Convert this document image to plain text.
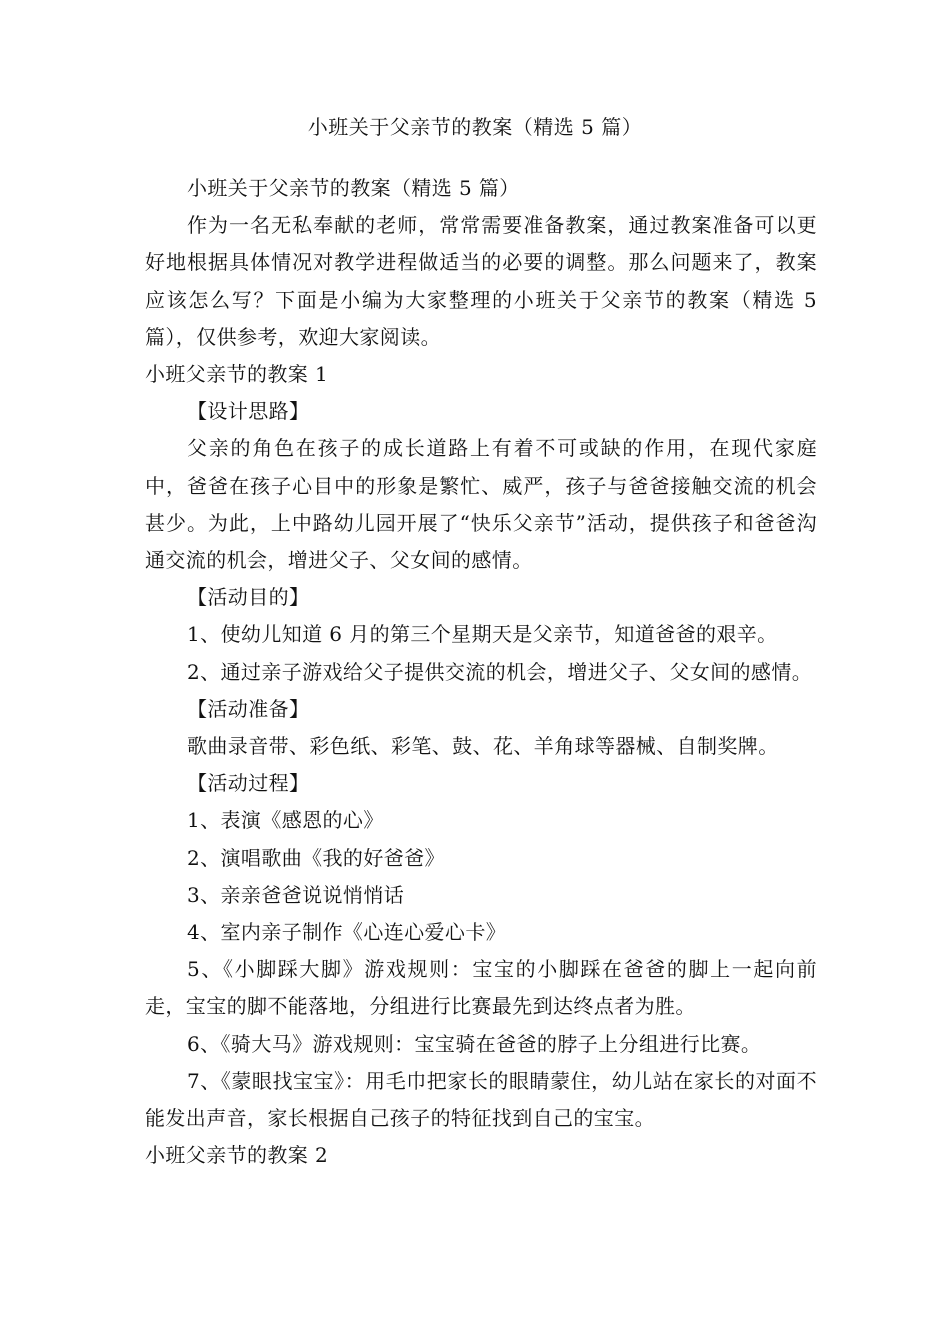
小班关于父亲节的教案（精选 5 篇）

小班关于父亲节的教案（精选 5 篇）

作为一名无私奉献的老师，常常需要准备教案，通过教案准备可以更好地根据具体情况对教学进程做适当的必要的调整。那么问题来了，教案应该怎么写？下面是小编为大家整理的小班关于父亲节的教案（精选 5 篇），仅供参考，欢迎大家阅读。

小班父亲节的教案 1

【设计思路】

父亲的角色在孩子的成长道路上有着不可或缺的作用，在现代家庭中，爸爸在孩子心目中的形象是繁忙、威严，孩子与爸爸接触交流的机会甚少。为此，上中路幼儿园开展了“快乐父亲节”活动，提供孩子和爸爸沟通交流的机会，增进父子、父女间的感情。

【活动目的】

1、使幼儿知道 6 月的第三个星期天是父亲节，知道爸爸的艰辛。

2、通过亲子游戏给父子提供交流的机会，增进父子、父女间的感情。

【活动准备】

歌曲录音带、彩色纸、彩笔、鼓、花、羊角球等器械、自制奖牌。

【活动过程】

1、表演《感恩的心》

2、演唱歌曲《我的好爸爸》

3、亲亲爸爸说说悄悄话

4、室内亲子制作《心连心爱心卡》

5、《小脚踩大脚》游戏规则：宝宝的小脚踩在爸爸的脚上一起向前走，宝宝的脚不能落地，分组进行比赛最先到达终点者为胜。

6、《骑大马》游戏规则：宝宝骑在爸爸的脖子上分组进行比赛。

7、《蒙眼找宝宝》：用毛巾把家长的眼睛蒙住，幼儿站在家长的对面不能发出声音，家长根据自己孩子的特征找到自己的宝宝。

小班父亲节的教案 2
